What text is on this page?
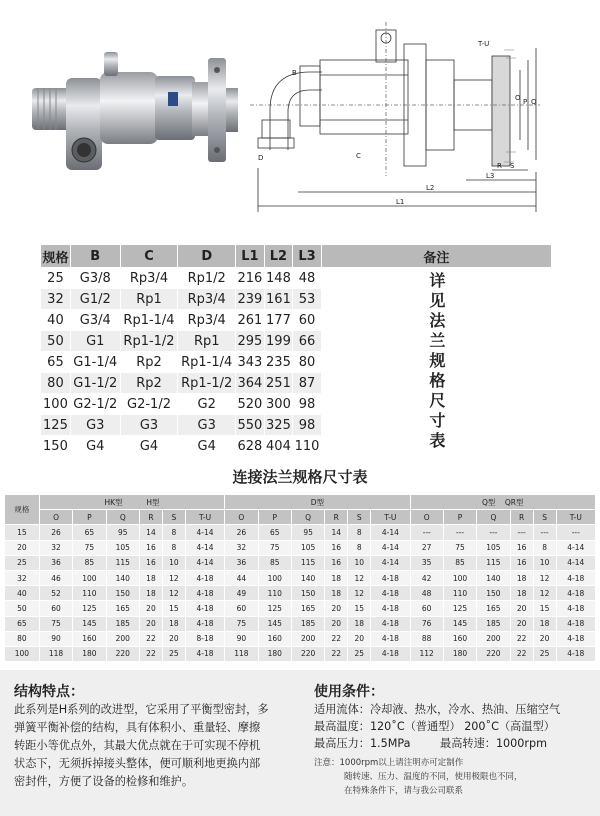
T-U
B
C
D
P Q
O
R S
L3
L2
L1
规格	B	C	D	L1	L2	L3	备注
25	G3/8	Rp3/4	Rp1/2	216	148	48	详见法兰规格尺寸表
32	G1/2	Rp1	Rp3/4	239	161	53	
40	G3/4	Rp1-1/4	Rp3/4	261	177	60	
50	G1	Rp1-1/2	Rp1	295	199	66	
65	G1-1/4	Rp2	Rp1-1/4	343	235	80	
80	G1-1/2	Rp2	Rp1-1/2	364	251	87	
100	G2-1/2	G2-1/2	G2	520	300	98	
125	G3	G3	G3	550	325	98	
150	G4	G4	G4	628	404	110	
连接法兰规格尺寸表
规格	HK型 H型						D型						Q型 QR型					
	O	P	Q	R	S	T-U	O	P	Q	R	S	T-U	O	P	Q	R	S	T-U
15	26	65	95	14	8	4-14	26	65	95	14	8	4-14	---	---	---	---	---	---
20	32	75	105	16	8	4-14	32	75	105	16	8	4-14	27	75	105	16	8	4-14
25	36	85	115	16	10	4-14	36	85	115	16	10	4-14	35	85	115	16	10	4-14
32	46	100	140	18	12	4-18	44	100	140	18	12	4-18	42	100	140	18	12	4-18
40	52	110	150	18	12	4-18	49	110	150	18	12	4-18	48	110	150	18	12	4-18
50	60	125	165	20	15	4-18	60	125	165	20	15	4-18	60	125	165	20	15	4-18
65	75	145	185	20	18	4-18	75	145	185	20	18	4-18	76	145	185	20	18	4-18
80	90	160	200	22	20	8-18	90	160	200	22	20	4-18	88	160	200	22	20	4-18
100	118	180	220	22	25	4-18	118	180	220	22	25	4-18	112	180	220	22	25	4-18
结构特点：
此系列是H系列的改进型，它采用了平衡型密封，多
弹簧平衡补偿的结构，具有体积小、重量轻、摩擦
转距小等优点外，其最大优点就在于可实现不停机
状态下，无须拆掉接头整体，便可顺利地更换内部
密封件，方便了设备的检修和维护。
使用条件：
适用流体：冷却液、热水，冷水、热油、压缩空气
最高温度：120˚C（普通型） 200˚C（高温型）
最高压力：1.5MPa	最高转速：1000rpm
注意：1000rpm以上请注明亦可定制作
随转速、压力、温度的不同，使用极限也不同，
在特殊条件下，请与我公司联系
